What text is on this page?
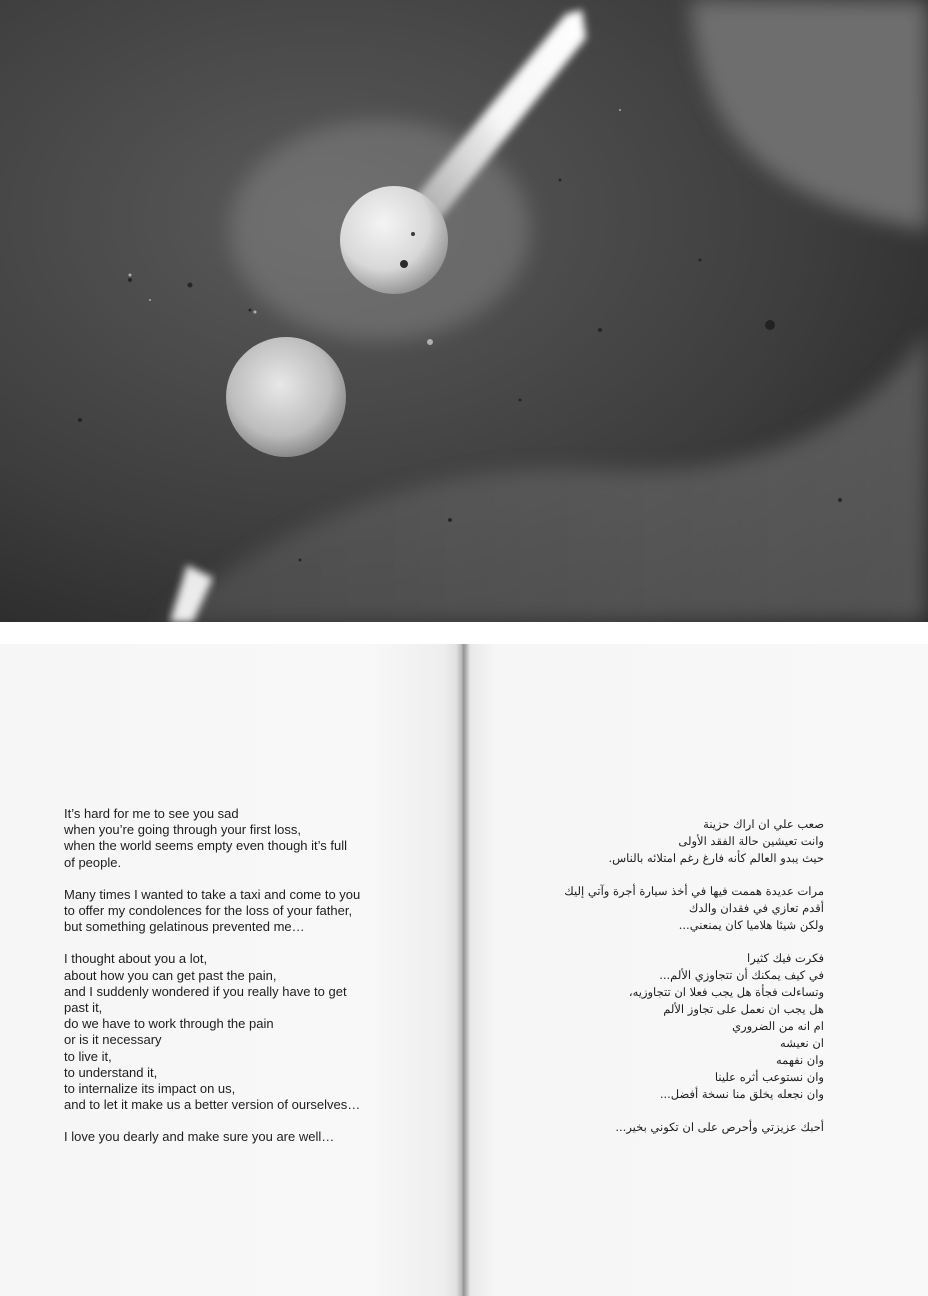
It’s hard for me to see you sad
when you’re going through your first loss,
when the world seems empty even though it’s full
of people.
Many times I wanted to take a taxi and come to you
to offer my condolences for the loss of your father,
but something gelatinous prevented me…
I thought about you a lot,
about how you can get past the pain,
and I suddenly wondered if you really have to get
past it,
do we have to work through the pain
or is it necessary
to live it,
to understand it,
to internalize its impact on us,
and to let it make us a better version of ourselves…
I love you dearly and make sure you are well…
صعب علي ان اراك حزينة
وانت تعيشين حالة الفقد الأولى
حيث يبدو العالم كأنه فارغ رغم امتلائه بالناس.
مرات عديدة هممت فيها في أخذ سيارة أجرة وآتي إليك
أقدم تعازي في فقدان والدك
ولكن شيئا هلاميا كان يمنعني...
فكرت فيك كثيرا
في كيف يمكنك أن تتجاوزي الألم...
وتساءلت فجأة هل يجب فعلا ان تتجاوزيه،
هل يجب ان نعمل على تجاوز الألم
ام انه من الضروري
ان نعيشه
وان نفهمه
وان نستوعب أثره علينا
وان نجعله يخلق منا نسخة أفضل...
أحبك عزيزتي وأحرص على ان تكوني بخير...
